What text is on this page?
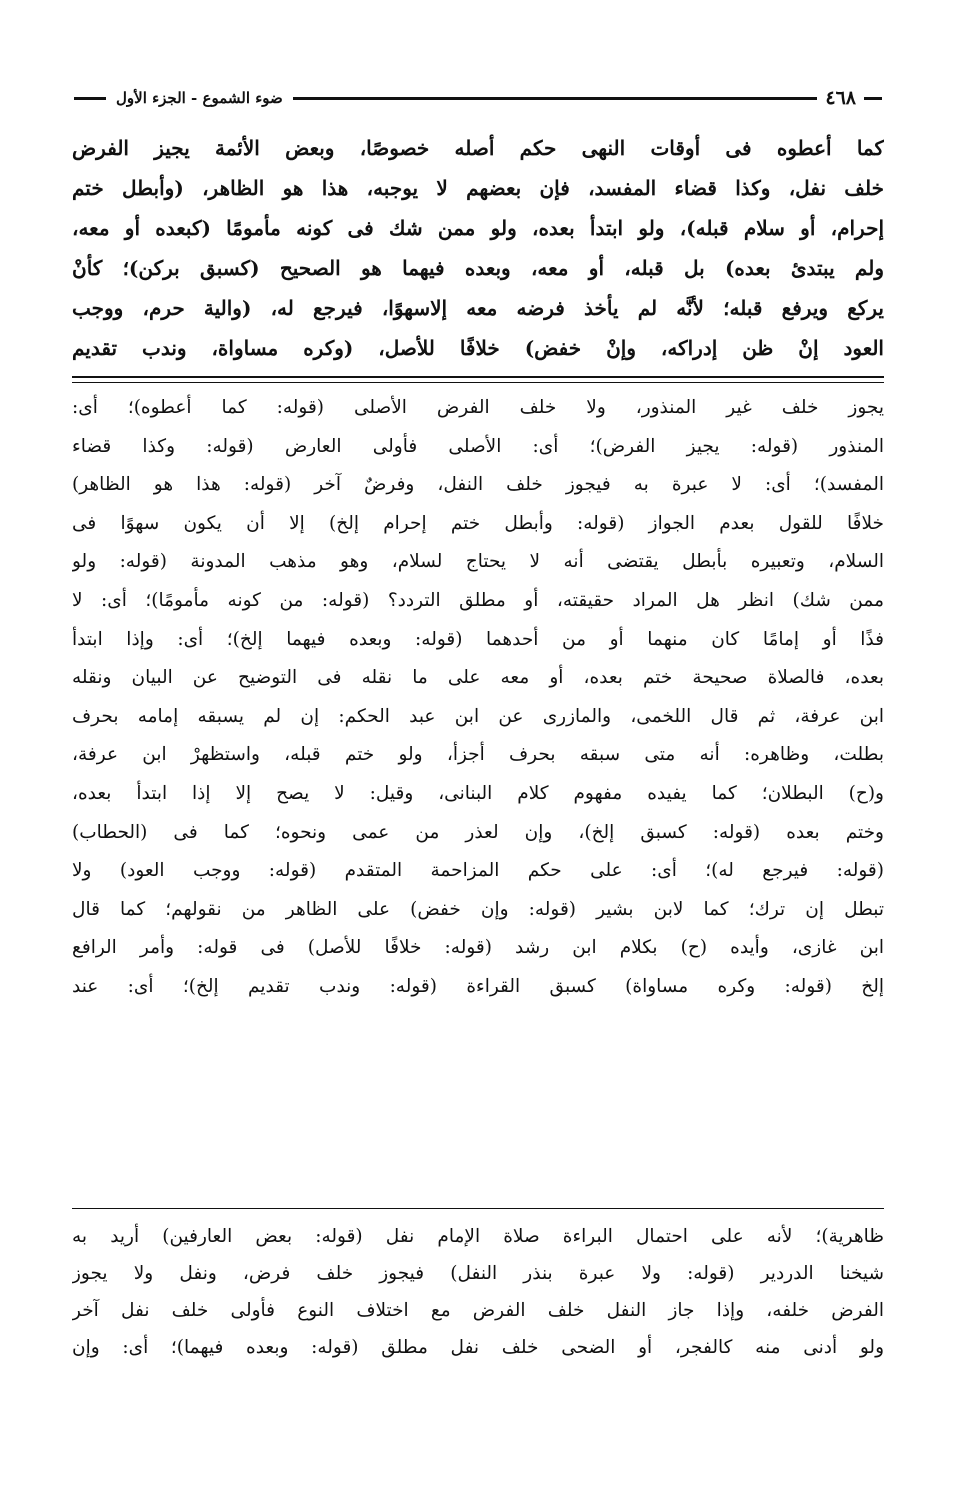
٤٦٨
ضوء الشموع - الجزء الأول
كما أعطوه فى أوقات النهى حكم أصله خصوصًا، وبعض الأئمة يجيز الفرض
خلف نفل، وكذا قضاء المفسد، فإن بعضهم لا يوجبه، هذا هو الظاهر، (وأبطل ختم
إحرام، أو سلام قبله)، ولو ابتدأ بعده، ولو ممن شك فى كونه مأمومًا (كبعده أو معه،
ولم يبتدئ بعده) بل قبله، أو معه، وبعده فيهما هو الصحيح (كسبق بركن)؛ كأنْ
يركع ويرفع قبله؛ لأنَّه لم يأخذ فرضه معه إلاسهوًا، فيرجع له، (والية حرم، ووجب
العود إنْ ظن إدراكه، وإنْ خفض) خلافًا للأصل، (وكره مساواة، وندب تقديم
يجوز خلف غير المنذور، ولا خلف الفرض الأصلى (قوله: كما أعطوه)؛ أى:
المنذور (قوله: يجيز الفرض)؛ أى: الأصلى فأولى العارض (قوله: وكذا قضاء
المفسد)؛ أى: لا عبرة به فيجوز خلف النفل، وفرضٌ آخر (قوله: هذا هو الظاهر)
خلافًا للقول بعدم الجواز (قوله: وأبطل ختم إحرام إلخ) إلا أن يكون سهوًا فى
السلام، وتعبيره بأبطل يقتضى أنه لا يحتاج لسلام، وهو مذهب المدونة (قوله: ولو
ممن شك) انظر هل المراد حقيقته، أو مطلق التردد؟ (قوله: من كونه مأمومًا)؛ أى: لا
فذًا أو إمامًا كان منهما أو من أحدهما (قوله: وبعده فيهما إلخ)؛ أى: وإذا ابتدأ
بعده، فالصلاة صحيحة ختم بعده، أو معه على ما نقله فى التوضيح عن البيان ونقله
ابن عرفة، ثم قال اللخمى، والمازرى عن ابن عبد الحكم: إن لم يسبقه إمامه بحرف
بطلت، وظاهره: أنه متى سبقه بحرف أجزأ، ولو ختم قبله، واستظهرْ ابن عرفة،
و(ح) البطلان؛ كما يفيده مفهوم كلام البنانى، وقيل: لا يصح إلا إذا ابتدأ بعده،
وختم بعده (قوله: كسبق إلخ)، وإن لعذر من عمى ونحوه؛ كما فى (الحطاب)
(قوله: فيرجع له)؛ أى: على حكم المزاحمة المتقدم (قوله: ووجب العود) ولا
تبطل إن ترك؛ كما لابن بشير (قوله: وإن خفض) على الظاهر من نقولهم؛ كما قال
ابن غازى، وأيده (ح) بكلام ابن رشد (قوله: خلافًا للأصل) فى قوله: وأمر الرافع
إلخ (قوله: وكره مساواة) كسبق القراءة (قوله: وندب تقديم إلخ)؛ أى: عند
ظاهرية)؛ لأنه على احتمال البراءة صلاة الإمام نفل (قوله: بعض العارفين) أريد به
شيخنا الدردير (قوله: ولا عبرة بنذر النفل) فيجوز خلف فرض، ونفل ولا يجوز
الفرض خلفه، وإذا جاز النفل خلف الفرض مع اختلاف النوع فأولى خلف نفل آخر
ولو أدنى منه كالفجر، أو الضحى خلف نفل مطلق (قوله: وبعده فيهما)؛ أى: وإن
